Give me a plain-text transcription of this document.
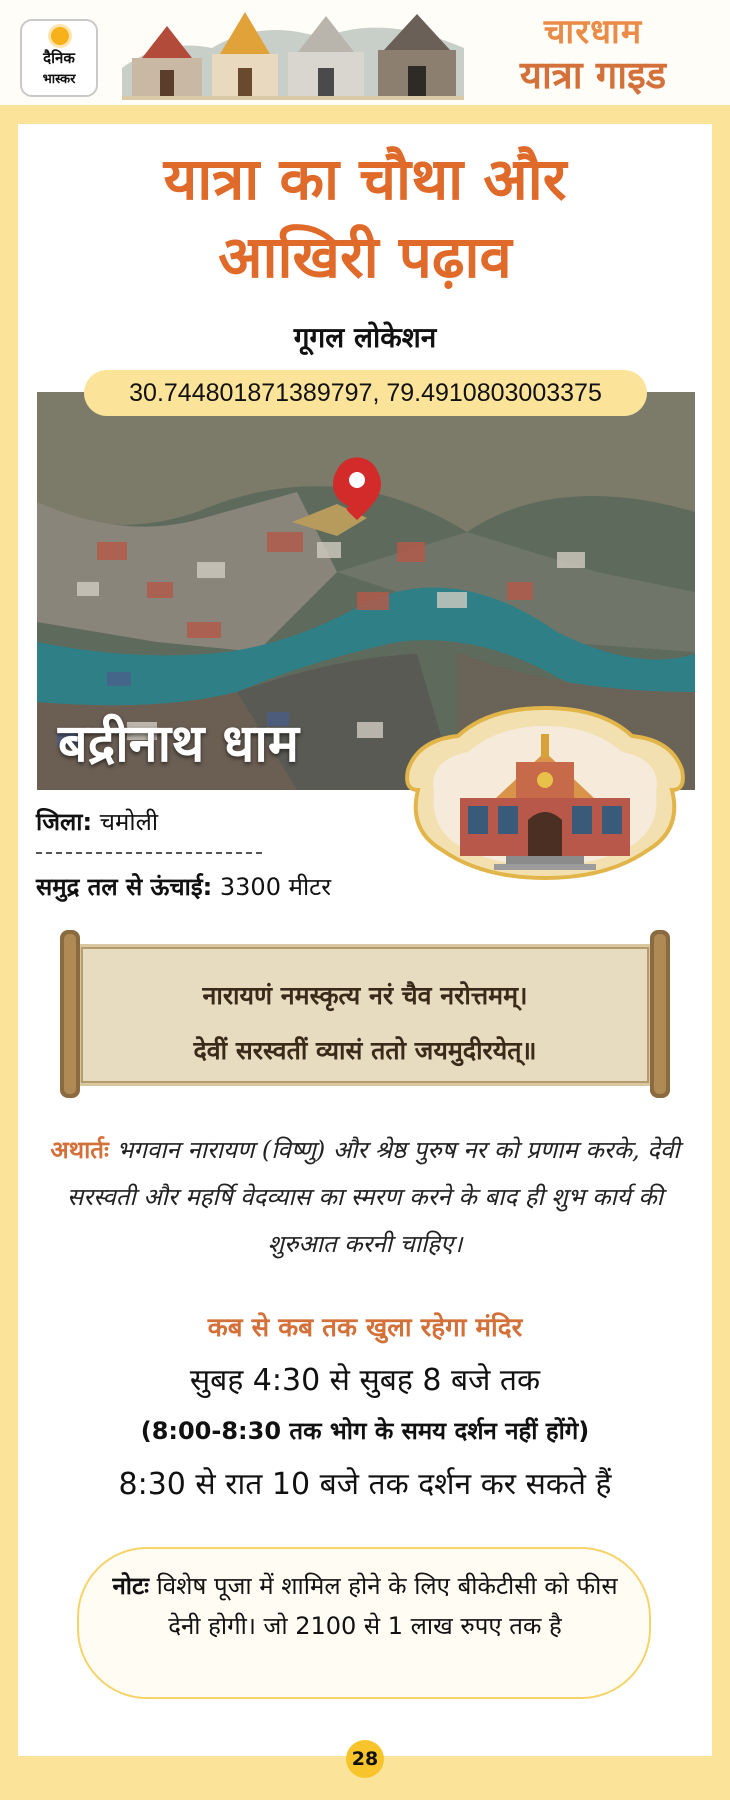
दैनिक
भास्कर
चारधाम
यात्रा गाइड
यात्रा का चौथा और
आखिरी पढ़ाव
गूगल लोकेशन
30.744801871389797, 79.4910803003375
बद्रीनाथ धाम
जिला: चमोली
समुद्र तल से ऊंचाई: 3300 मीटर
नारायणं नमस्कृत्य नरं चैव नरोत्तमम्।
देवीं सरस्वतीं व्यासं ततो जयमुदीरयेत्॥
अथार्तः भगवान नारायण (विष्णु) और श्रेष्ठ पुरुष नर को प्रणाम करके, देवी सरस्वती और महर्षि वेदव्यास का स्मरण करने के बाद ही शुभ कार्य की शुरुआत करनी चाहिए।
कब से कब तक खुला रहेगा मंदिर
सुबह 4:30 से सुबह 8 बजे तक
(8:00-8:30 तक भोग के समय दर्शन नहीं होंगे)
8:30 से रात 10 बजे तक दर्शन कर सकते हैं
नोटः विशेष पूजा में शामिल होने के लिए बीकेटीसी को फीस देनी होगी। जो 2100 से 1 लाख रुपए तक है
28
